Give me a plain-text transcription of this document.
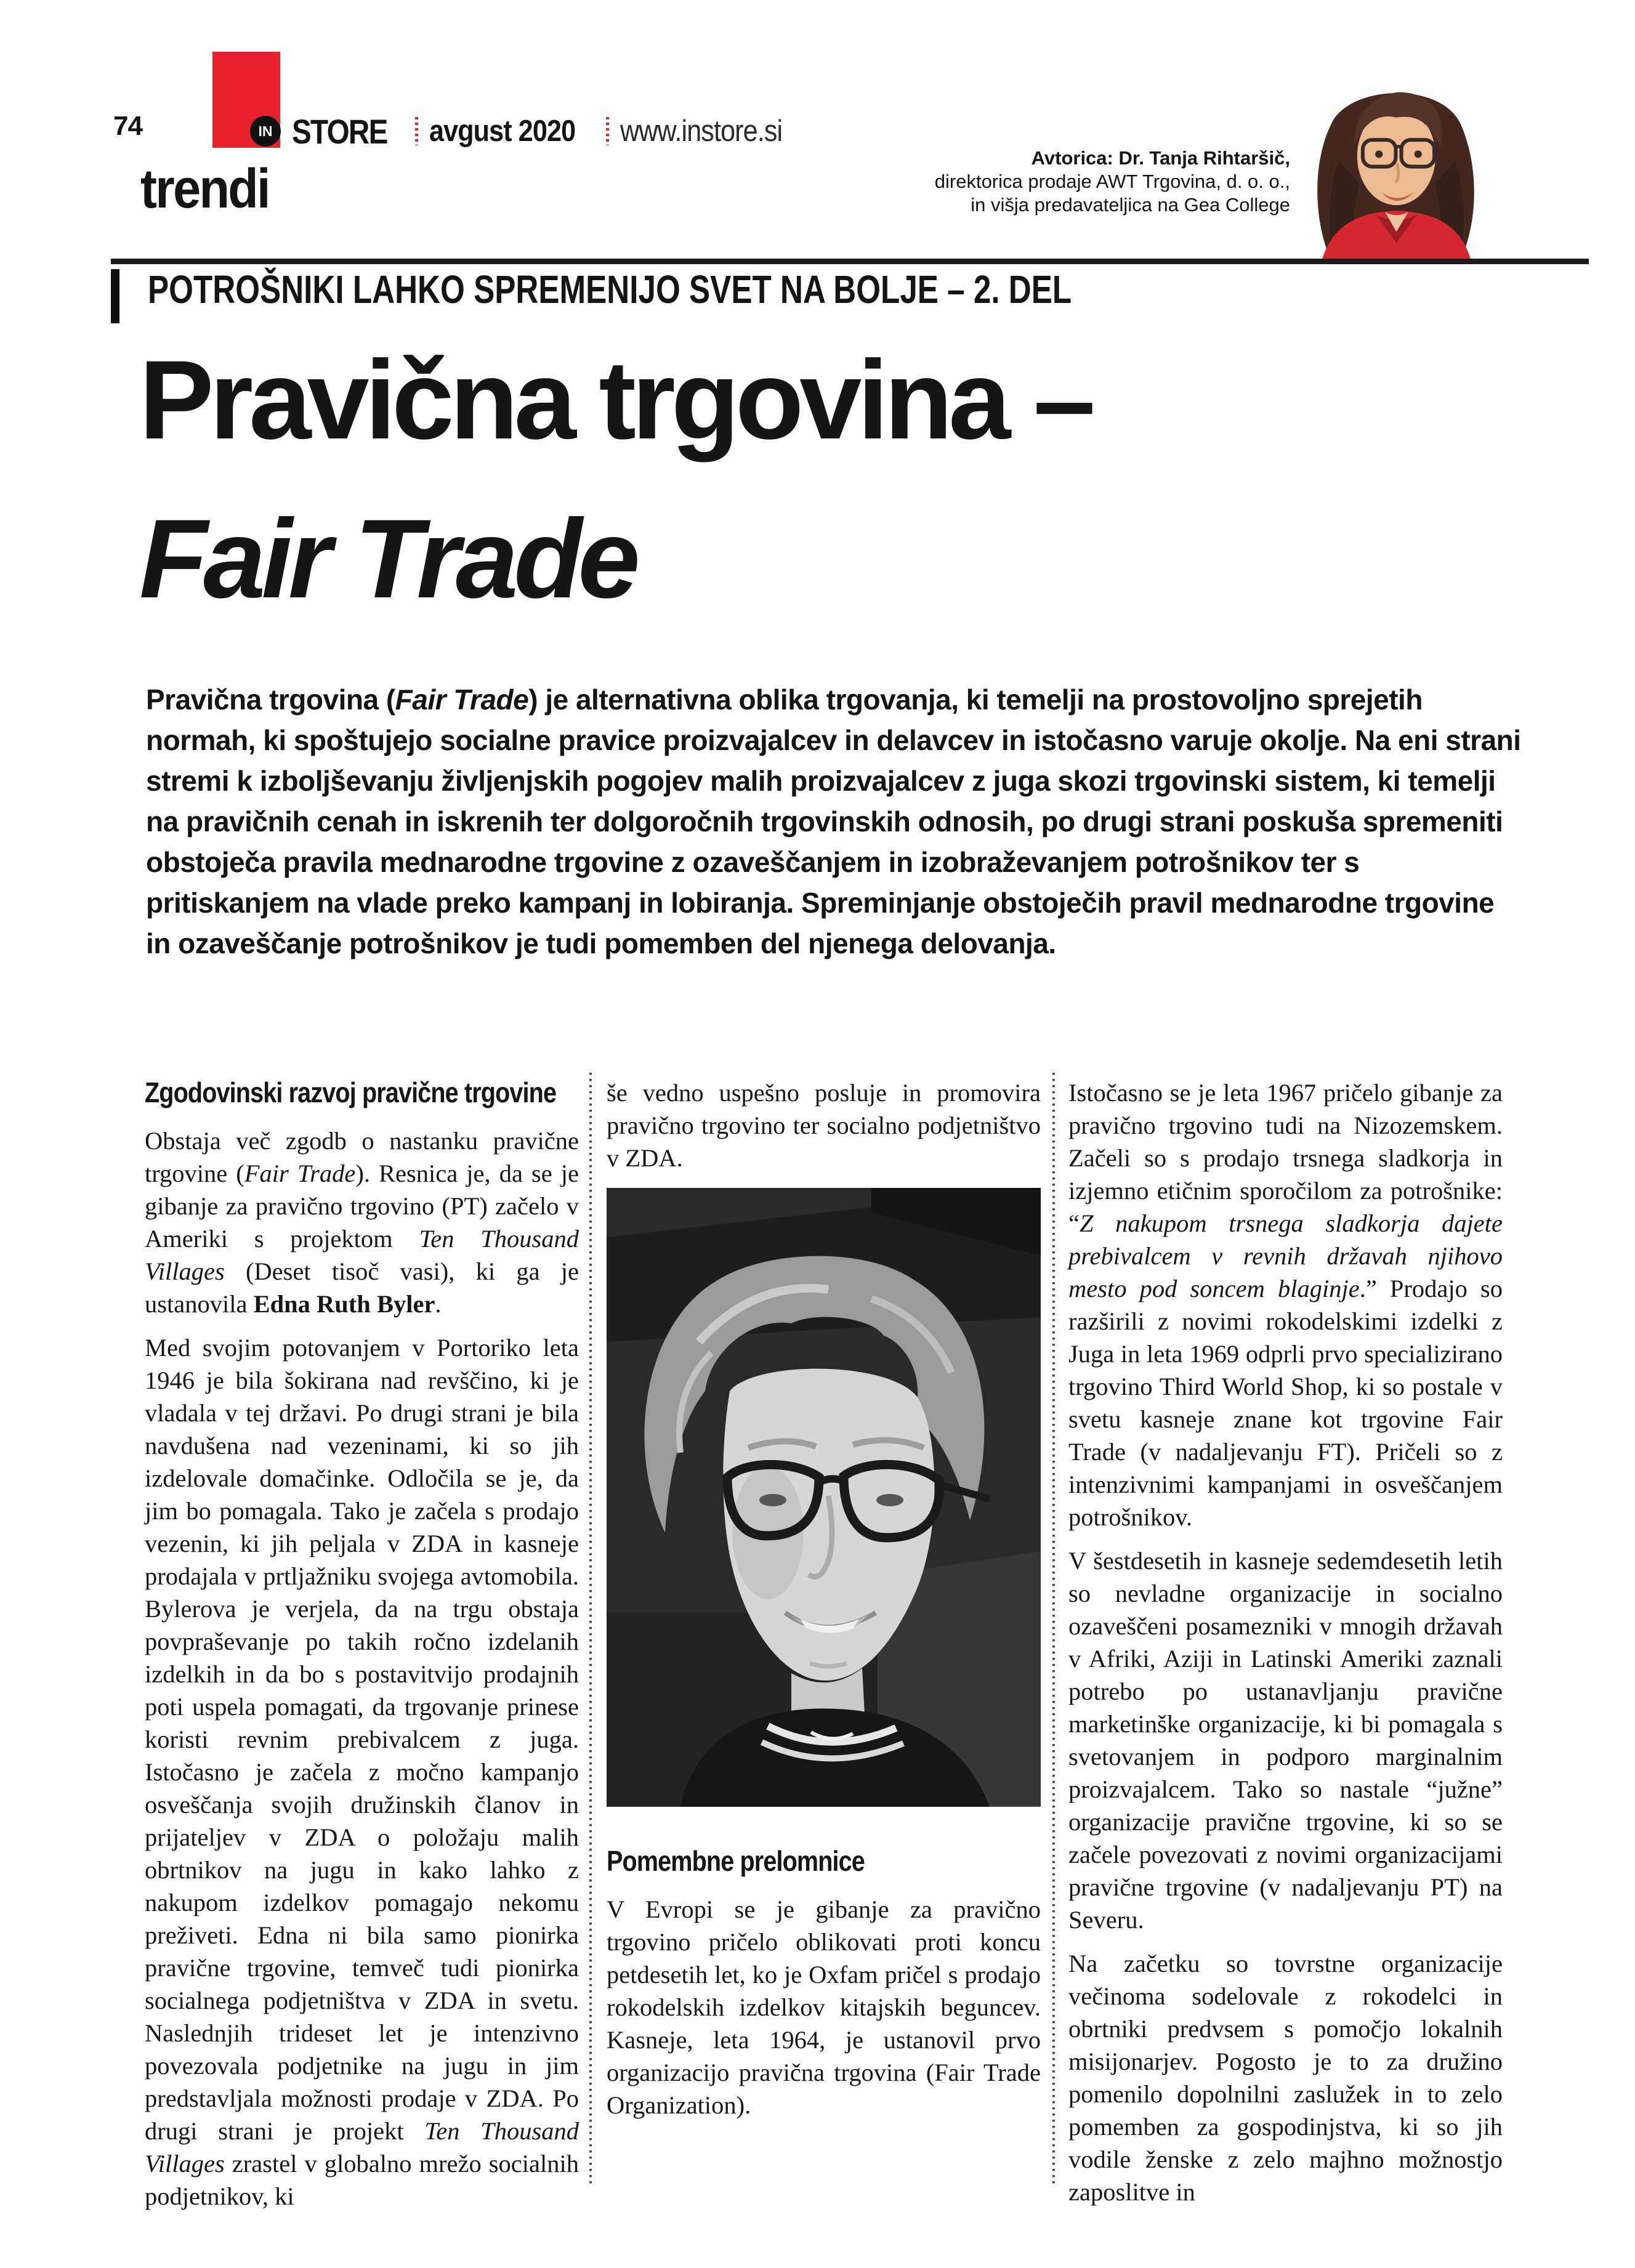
74	IN STORE avgust 2020 www.instore.si
trendi
Avtorica: Dr. Tanja Rihtaršič,
direktorica prodaje AWT Trgovina, d. o. o.,
in višja predavateljica na Gea College
POTROŠNIKI LAHKO SPREMENIJO SVET NA BOLJE – 2. DEL
Pravična trgovina –
Fair Trade
Pravična trgovina (Fair Trade) je alternativna oblika trgovanja, ki temelji na prostovoljno sprejetih normah, ki spoštujejo socialne pravice proizvajalcev in delavcev in istočasno varuje okolje. Na eni strani stremi k izboljševanju življenjskih pogojev malih proizvajalcev z juga skozi trgovinski sistem, ki temelji na pravičnih cenah in iskrenih ter dolgoročnih trgovinskih odnosih, po drugi strani poskuša spremeniti obstoječa pravila mednarodne trgovine z ozaveščanjem in izobraževanjem potrošnikov ter s pritiskanjem na vlade preko kampanj in lobiranja. Spreminjanje obstoječih pravil mednarodne trgovine in ozaveščanje potrošnikov je tudi pomemben del njenega delovanja.
Zgodovinski razvoj pravične trgovine

Obstaja več zgodb o nastanku pravične trgovine (Fair Trade). Resnica je, da se je gibanje za pravično trgovino (PT) začelo v Ameriki s projektom Ten Thousand Villages (Deset tisoč vasi), ki ga je ustanovila Edna Ruth Byler.

Med svojim potovanjem v Portoriko leta 1946 je bila šokirana nad revščino, ki je vladala v tej državi. Po drugi strani je bila navdušena nad vezeninami, ki so jih izdelovale domačinke. Odločila se je, da jim bo pomagala. Tako je začela s prodajo vezenin, ki jih peljala v ZDA in kasneje prodajala v prtljažniku svojega avtomobila. Bylerova je verjela, da na trgu obstaja povpraševanje po takih ročno izdelanih izdelkih in da bo s postavitvijo prodajnih poti uspela pomagati, da trgovanje prinese koristi revnim prebivalcem z juga. Istočasno je začela z močno kampanjo osveščanja svojih družinskih članov in prijateljev v ZDA o položaju malih obrtnikov na jugu in kako lahko z nakupom izdelkov pomagajo nekomu preživeti. Edna ni bila samo pionirka pravične trgovine, temveč tudi pionirka socialnega podjetništva v ZDA in svetu. Naslednjih trideset let je intenzivno povezovala podjetnike na jugu in jim predstavljala možnosti prodaje v ZDA. Po drugi strani je projekt Ten Thousand Villages zrastel v globalno mrežo socialnih podjetnikov, ki

še vedno uspešno posluje in promovira pravično trgovino ter socialno podjetništvo v ZDA.

Pomembne prelomnice

V Evropi se je gibanje za pravično trgovino pričelo oblikovati proti koncu petdesetih let, ko je Oxfam pričel s prodajo rokodelskih izdelkov kitajskih beguncev. Kasneje, leta 1964, je ustanovil prvo organizacijo pravična trgovina (Fair Trade Organization).

Istočasno se je leta 1967 pričelo gibanje za pravično trgovino tudi na Nizozemskem. Začeli so s prodajo trsnega sladkorja in izjemno etičnim sporočilom za potrošnike: “Z nakupom trsnega sladkorja dajete prebivalcem v revnih državah njihovo mesto pod soncem blaginje.” Prodajo so razširili z novimi rokodelskimi izdelki z Juga in leta 1969 odprli prvo specializirano trgovino Third World Shop, ki so postale v svetu kasneje znane kot trgovine Fair Trade (v nadaljevanju FT). Pričeli so z intenzivnimi kampanjami in osveščanjem potrošnikov.

V šestdesetih in kasneje sedemdesetih letih so nevladne organizacije in socialno ozaveščeni posamezniki v mnogih državah v Afriki, Aziji in Latinski Ameriki zaznali potrebo po ustanavljanju pravične marketinške organizacije, ki bi pomagala s svetovanjem in podporo marginalnim proizvajalcem. Tako so nastale “južne” organizacije pravične trgovine, ki so se začele povezovati z novimi organizacijami pravične trgovine (v nadaljevanju PT) na Severu.

Na začetku so tovrstne organizacije večinoma sodelovale z rokodelci in obrtniki predvsem s pomočjo lokalnih misijonarjev. Pogosto je to za družino pomenilo dopolnilni zaslužek in to zelo pomemben za gospodinjstva, ki so jih vodile ženske z zelo majhno možnostjo zaposlitve in
